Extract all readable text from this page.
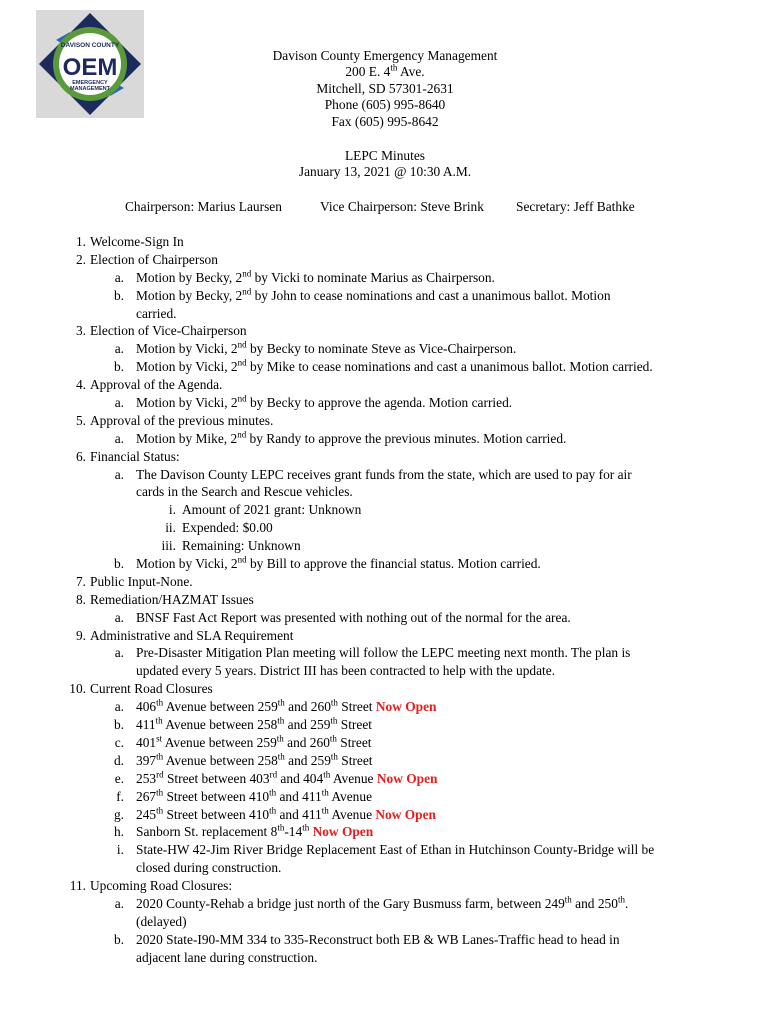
DAVISON COUNTY
OEM
EMERGENCY
MANAGEMENT
Davison County Emergency Management
200 E. 4th Ave.
Mitchell, SD 57301-2631
Phone (605) 995-8640
Fax (605) 995-8642
LEPC Minutes
January 13, 2021 @ 10:30 A.M.
Chairperson: Marius Laursen	Vice Chairperson: Steve Brink Secretary: Jeff Bathke
1. Welcome-Sign In
2. Election of Chairperson
a. Motion by Becky, 2nd by Vicki to nominate Marius as Chairperson.
b. Motion by Becky, 2nd by John to cease nominations and cast a unanimous ballot. Motion
carried.
3. Election of Vice-Chairperson
a. Motion by Vicki, 2nd by Becky to nominate Steve as Vice-Chairperson.
b. Motion by Vicki, 2nd by Mike to cease nominations and cast a unanimous ballot. Motion carried.
4. Approval of the Agenda.
a. Motion by Vicki, 2nd by Becky to approve the agenda. Motion carried.
5. Approval of the previous minutes.
a. Motion by Mike, 2nd by Randy to approve the previous minutes. Motion carried.
6. Financial Status:
a. The Davison County LEPC receives grant funds from the state, which are used to pay for air
cards in the Search and Rescue vehicles.
i. Amount of 2021 grant: Unknown
ii. Expended: $0.00
iii. Remaining: Unknown
b. Motion by Vicki, 2nd by Bill to approve the financial status. Motion carried.
7. Public Input-None.
8. Remediation/HAZMAT Issues
a. BNSF Fast Act Report was presented with nothing out of the normal for the area.
9. Administrative and SLA Requirement
a. Pre-Disaster Mitigation Plan meeting will follow the LEPC meeting next month. The plan is
updated every 5 years. District III has been contracted to help with the update.
10. Current Road Closures
a. 406th Avenue between 259th and 260th Street Now Open
b. 411th Avenue between 258th and 259th Street
c. 401st Avenue between 259th and 260th Street
d. 397th Avenue between 258th and 259th Street
e. 253rd Street between 403rd and 404th Avenue Now Open
f. 267th Street between 410th and 411th Avenue
g. 245th Street between 410th and 411th Avenue Now Open
h. Sanborn St. replacement 8th-14th Now Open
i. State-HW 42-Jim River Bridge Replacement East of Ethan in Hutchinson County-Bridge will be
closed during construction.
11. Upcoming Road Closures:
a. 2020 County-Rehab a bridge just north of the Gary Busmuss farm, between 249th and 250th.
(delayed)
b. 2020 State-I90-MM 334 to 335-Reconstruct both EB & WB Lanes-Traffic head to head in
adjacent lane during construction.
